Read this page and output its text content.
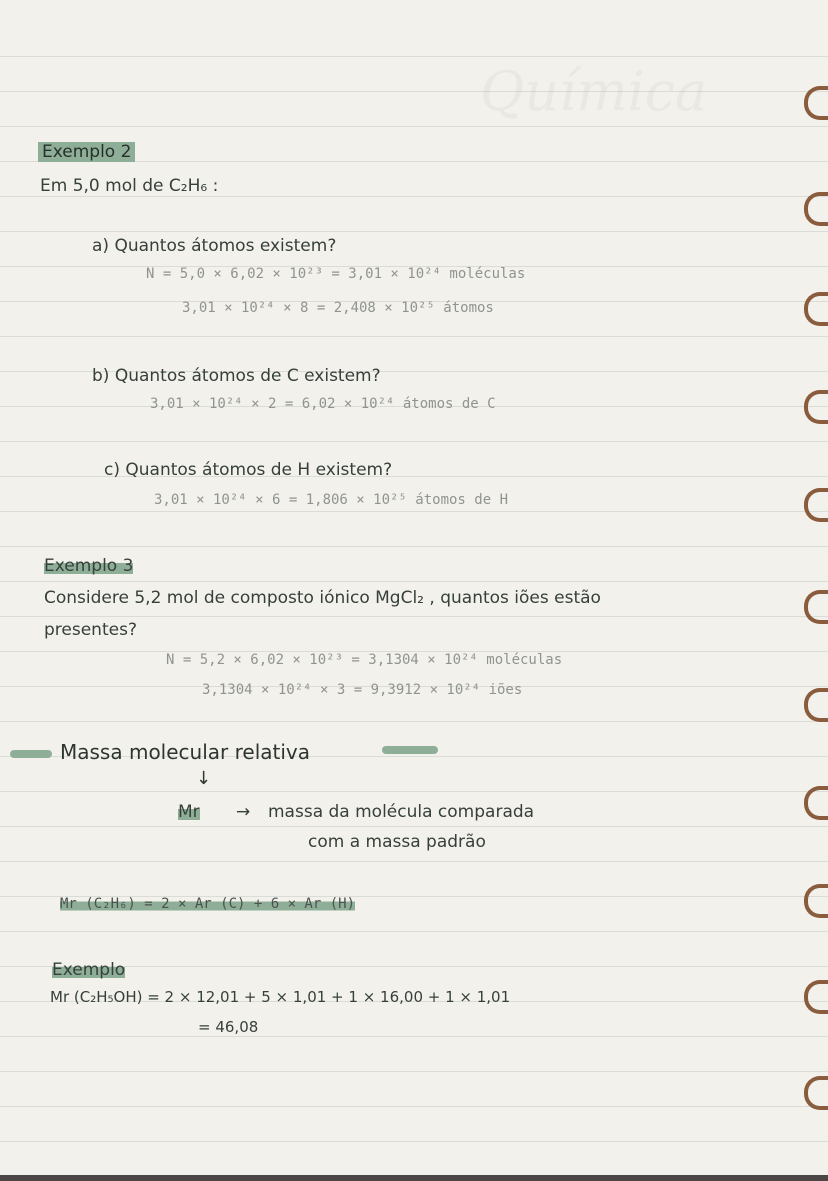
Química
Exemplo 2
Em 5,0 mol de C₂H₆ :
a) Quantos átomos existem?
N = 5,0 × 6,02 × 10²³ = 3,01 × 10²⁴ moléculas
3,01 × 10²⁴ × 8 = 2,408 × 10²⁵ átomos
b) Quantos átomos de C existem?
3,01 × 10²⁴ × 2 = 6,02 × 10²⁴ átomos de C
c) Quantos átomos de H existem?
3,01 × 10²⁴ × 6 = 1,806 × 10²⁵ átomos de H
Exemplo 3
Considere 5,2 mol de composto iónico MgCl₂ , quantos iões estão
presentes?
N = 5,2 × 6,02 × 10²³ = 3,1304 × 10²⁴ moléculas
3,1304 × 10²⁴ × 3 = 9,3912 × 10²⁴ iões
Massa molecular relativa
↓
Mr → massa da molécula comparada
com a massa padrão
Mr (C₂H₆) = 2 × Ar (C) + 6 × Ar (H)
Exemplo
Mr (C₂H₅OH) = 2 × 12,01 + 5 × 1,01 + 1 × 16,00 + 1 × 1,01
= 46,08
